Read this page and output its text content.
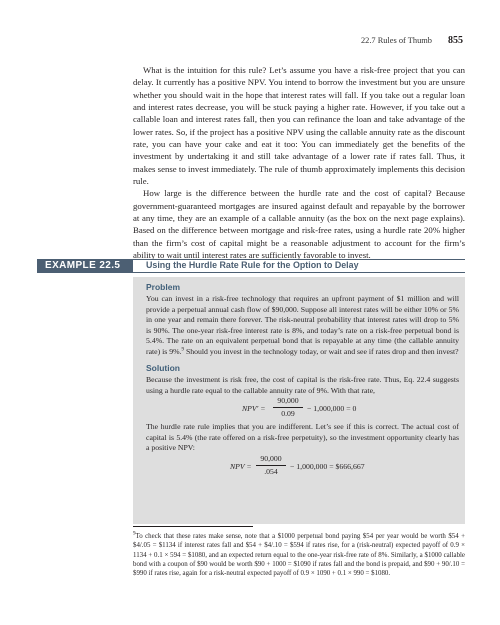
22.7 Rules of Thumb 855

What is the intuition for this rule? Let’s assume you have a risk-free project that you can delay. It currently has a positive NPV. You intend to borrow the investment but you are unsure whether you should wait in the hope that interest rates will fall. If you take out a regular loan and interest rates decrease, you will be stuck paying a higher rate. However, if you take out a callable loan and interest rates fall, then you can refinance the loan and take advantage of the lower rates. So, if the project has a positive NPV using the callable annuity rate as the discount rate, you can have your cake and eat it too: You can immediately get the benefits of the investment by undertaking it and still take advantage of a lower rate if rates fall. Thus, it makes sense to invest immediately. The rule of thumb approximately implements this decision rule.

How large is the difference between the hurdle rate and the cost of capital? Because government-guaranteed mortgages are insured against default and repayable by the borrower at any time, they are an example of a callable annuity (as the box on the next page explains). Based on the difference between mortgage and risk-free rates, using a hurdle rate 20% higher than the firm’s cost of capital might be a reasonable adjustment to account for the firm’s ability to wait until interest rates are sufficiently favorable to invest.

EXAMPLE 22.5	Using the Hurdle Rate Rule for the Option to Delay
Problem

You can invest in a risk-free technology that requires an upfront payment of $1 million and will provide a perpetual annual cash flow of $90,000. Suppose all interest rates will be either 10% or 5% in one year and remain there forever. The risk-neutral probability that interest rates will drop to 5% is 90%. The one-year risk-free interest rate is 8%, and today’s rate on a risk-free perpetual bond is 5.4%. The rate on an equivalent perpetual bond that is repayable at any time (the callable annuity rate) is 9%.$^9$ Should you invest in the technology today, or wait and see if rates drop and then invest?

Solution

Because the investment is risk free, the cost of capital is the risk-free rate. Thus, Eq. 22.4 suggests using a hurdle rate equal to the callable annuity rate of 9%. With that rate,

$NPV' = \frac{90,000}{0.09} - 1,000,000 = 0$

The hurdle rate rule implies that you are indifferent. Let’s see if this is correct. The actual cost of capital is 5.4% (the rate offered on a risk-free perpetuity), so the investment opportunity clearly has a positive NPV:

NPV = $\frac{90,000}{.054} - 1,000,000$ = $666,667
$^9$To check that these rates make sense, note that a $1000 perpetual bond paying $54 per year would be worth $54 + $4/.05 = $1134 if interest rates fall and $54 + $4/.10 = $594 if rates rise, for a (risk-neutral) expected payoff of 0.9 × 1134 + 0.1 × 594 = $1080, and an expected return equal to the one-year risk-free rate of 8%. Similarly, a $1000 callable bond with a coupon of $90 would be worth $90 + 1000 = $1090 if rates fall and the bond is prepaid, and $90 + 90/.10 = $990 if rates rise, again for a risk-neutral expected payoff of 0.9 × 1090 + 0.1 × 990 = $1080.
